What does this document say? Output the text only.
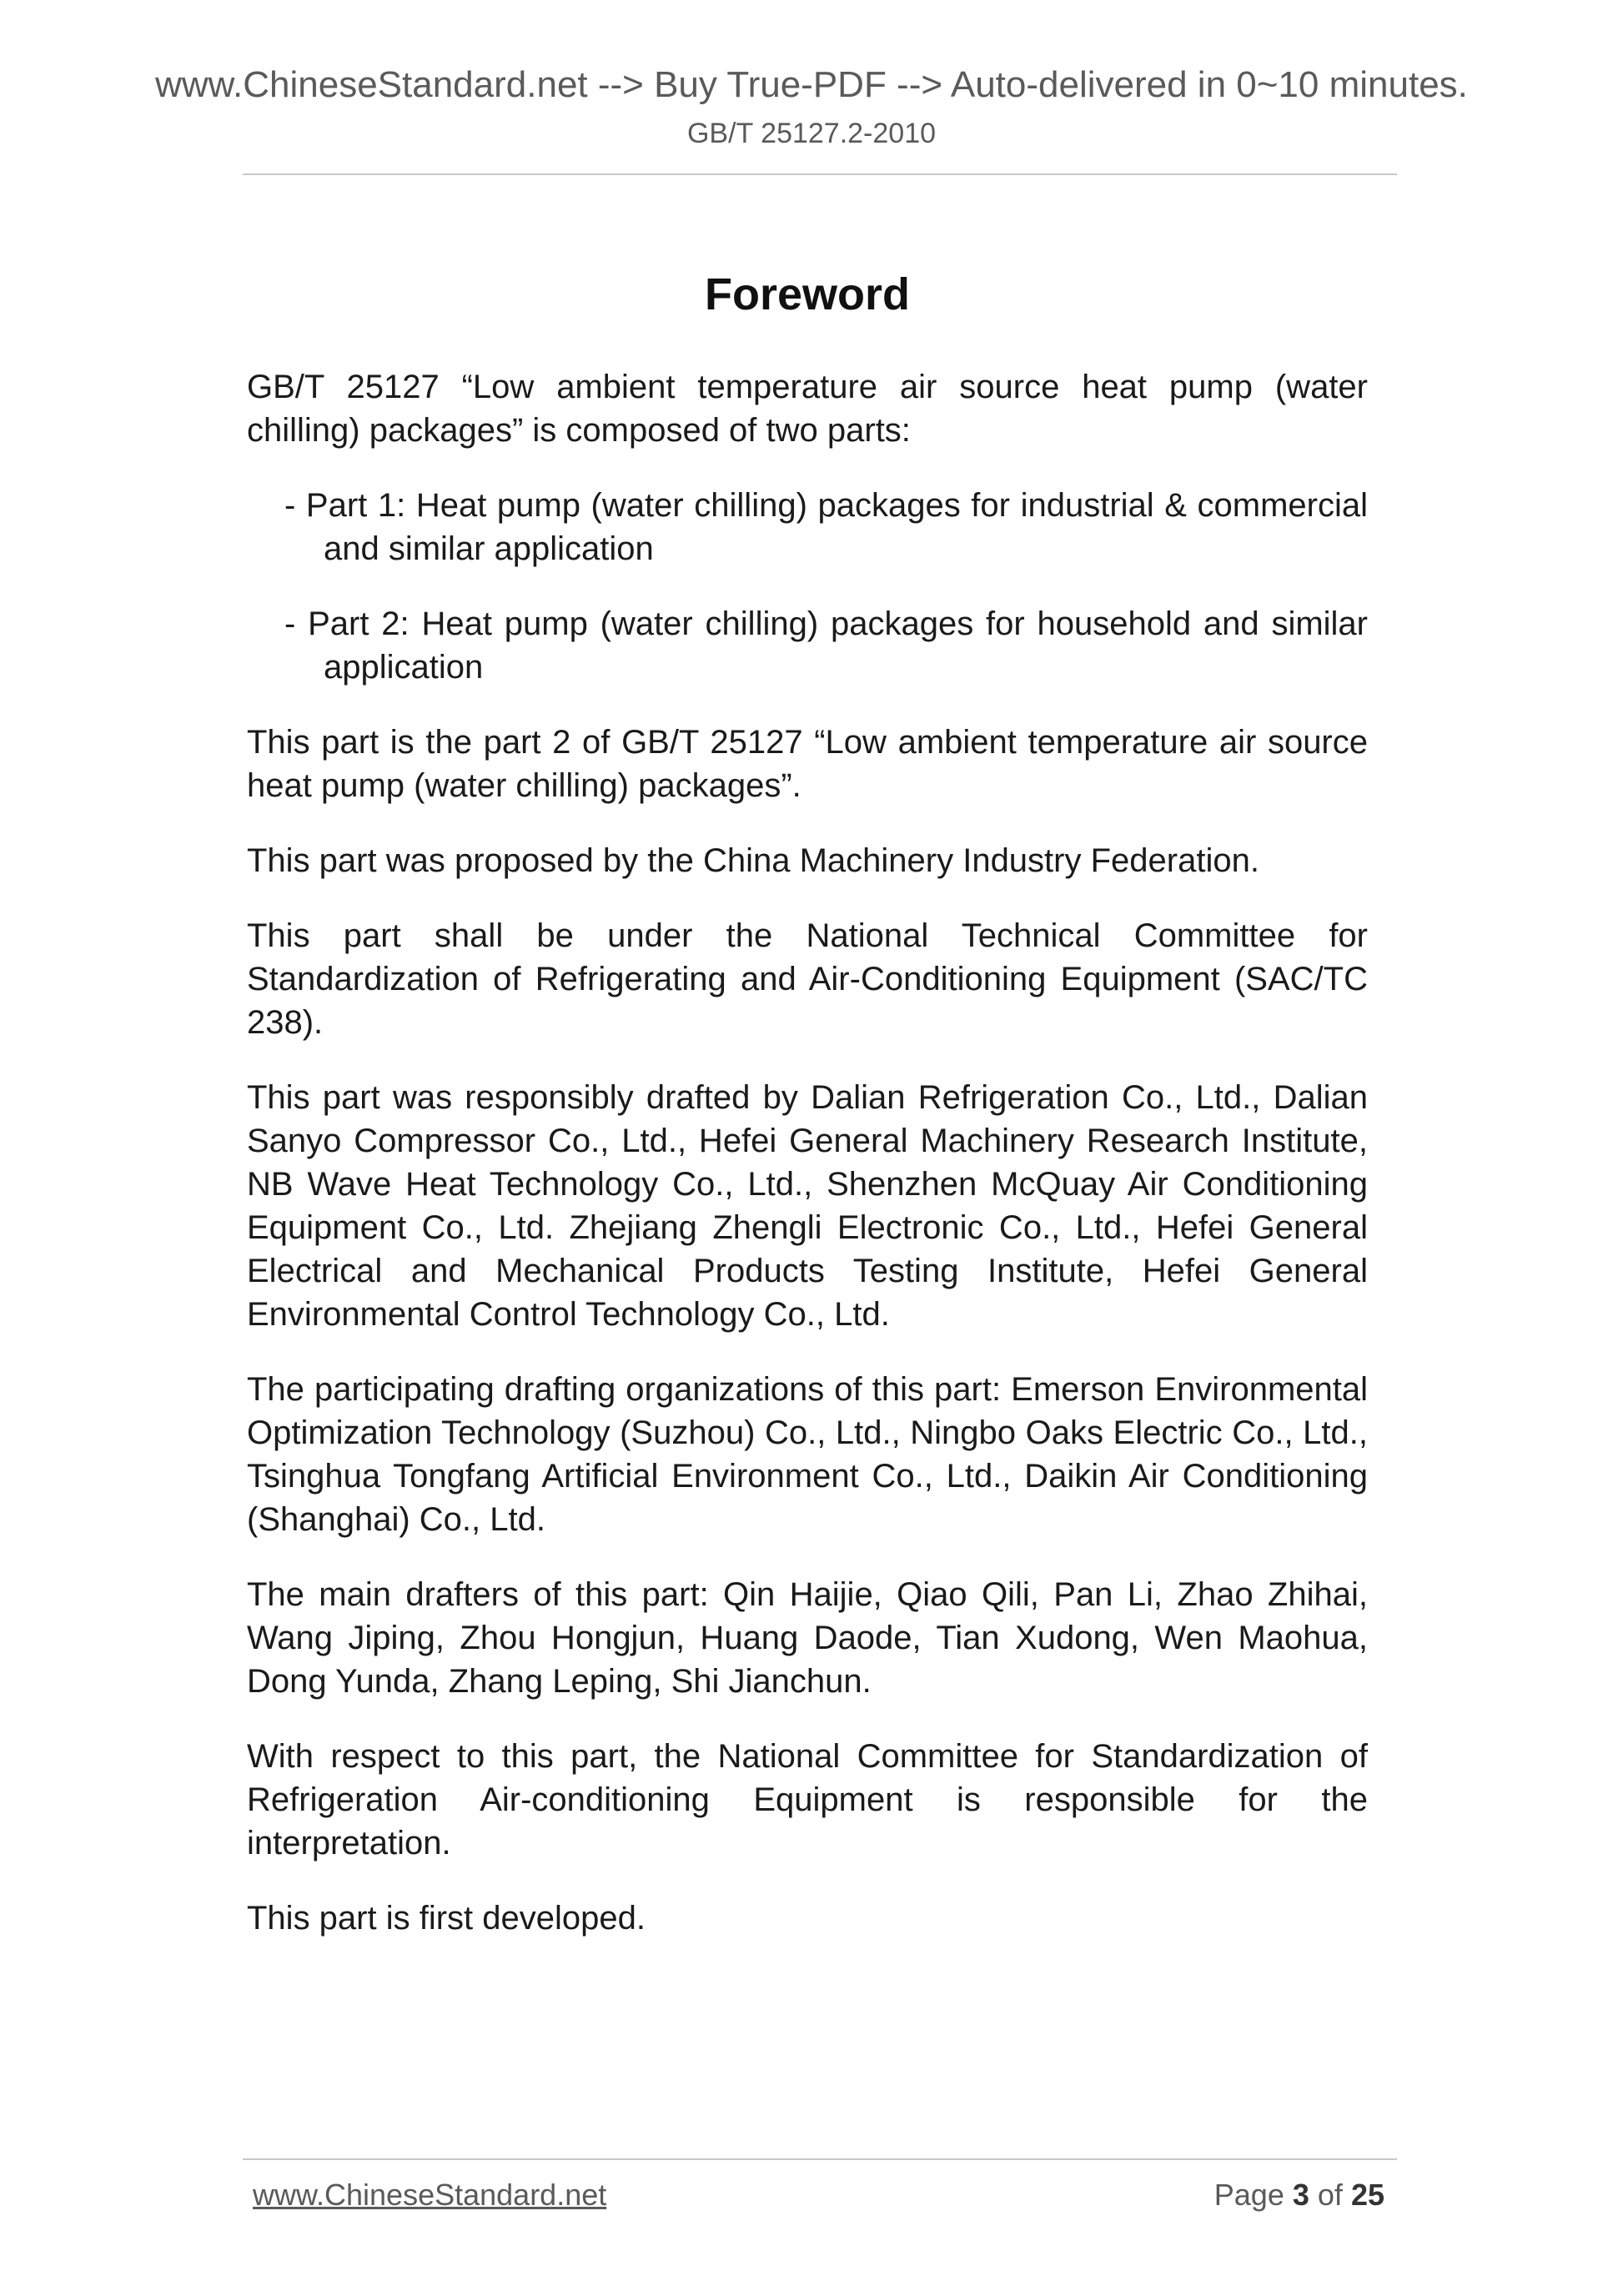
www.ChineseStandard.net --> Buy True-PDF --> Auto-delivered in 0~10 minutes.
GB/T 25127.2-2010
Foreword

GB/T 25127 “Low ambient temperature air source heat pump (water chilling) packages” is composed of two parts:

- Part 1: Heat pump (water chilling) packages for industrial & commercial and similar application

- Part 2: Heat pump (water chilling) packages for household and similar application

This part is the part 2 of GB/T 25127 “Low ambient temperature air source heat pump (water chilling) packages”.

This part was proposed by the China Machinery Industry Federation.

This part shall be under the National Technical Committee for Standardization of Refrigerating and Air-Conditioning Equipment (SAC/TC 238).

This part was responsibly drafted by Dalian Refrigeration Co., Ltd., Dalian Sanyo Compressor Co., Ltd., Hefei General Machinery Research Institute, NB Wave Heat Technology Co., Ltd., Shenzhen McQuay Air Conditioning Equipment Co., Ltd. Zhejiang Zhengli Electronic Co., Ltd., Hefei General Electrical and Mechanical Products Testing Institute, Hefei General Environmental Control Technology Co., Ltd.

The participating drafting organizations of this part: Emerson Environmental Optimization Technology (Suzhou) Co., Ltd., Ningbo Oaks Electric Co., Ltd., Tsinghua Tongfang Artificial Environment Co., Ltd., Daikin Air Conditioning (Shanghai) Co., Ltd.

The main drafters of this part: Qin Haijie, Qiao Qili, Pan Li, Zhao Zhihai, Wang Jiping, Zhou Hongjun, Huang Daode, Tian Xudong, Wen Maohua, Dong Yunda, Zhang Leping, Shi Jianchun.

With respect to this part, the National Committee for Standardization of Refrigeration Air-conditioning Equipment is responsible for the interpretation.

This part is first developed.

www.ChineseStandard.net	Page 3 of 25
